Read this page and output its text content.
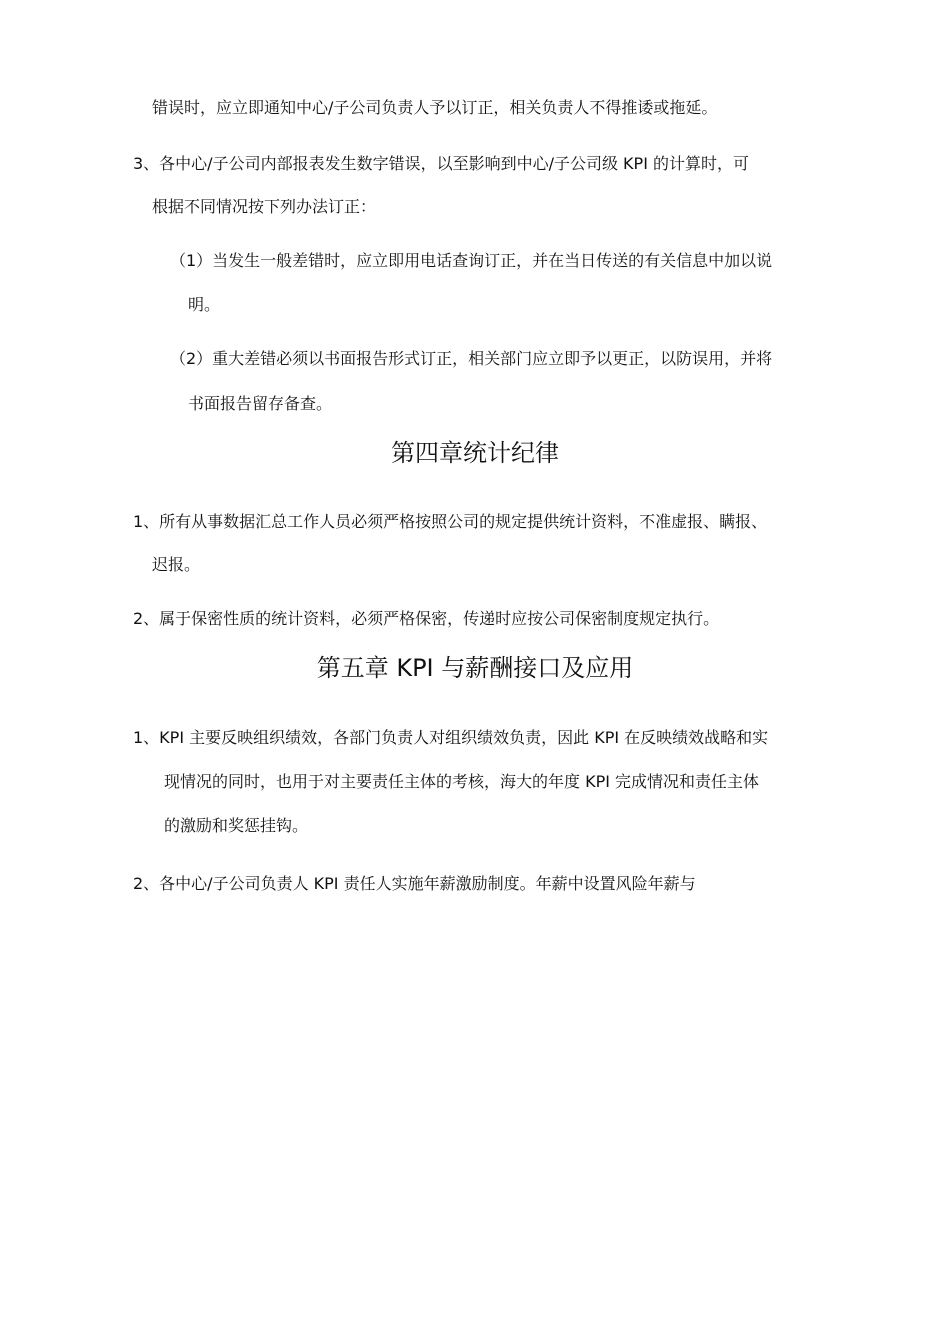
错误时，应立即通知中心/子公司负责人予以订正，相关负责人不得推诿或拖延。
3、各中心/子公司内部报表发生数字错误，以至影响到中心/子公司级 KPI 的计算时，可
根据不同情况按下列办法订正：
（1）当发生一般差错时，应立即用电话查询订正，并在当日传送的有关信息中加以说
明。
（2）重大差错必须以书面报告形式订正，相关部门应立即予以更正，以防误用，并将
书面报告留存备查。
第四章统计纪律
1、所有从事数据汇总工作人员必须严格按照公司的规定提供统计资料，不准虚报、瞒报、
迟报。
2、属于保密性质的统计资料，必须严格保密，传递时应按公司保密制度规定执行。
第五章 KPI 与薪酬接口及应用
1、KPI 主要反映组织绩效，各部门负责人对组织绩效负责，因此 KPI 在反映绩效战略和实
现情况的同时，也用于对主要责任主体的考核，海大的年度 KPI 完成情况和责任主体
的激励和奖惩挂钩。
2、各中心/子公司负责人 KPI 责任人实施年薪激励制度。年薪中设置风险年薪与
